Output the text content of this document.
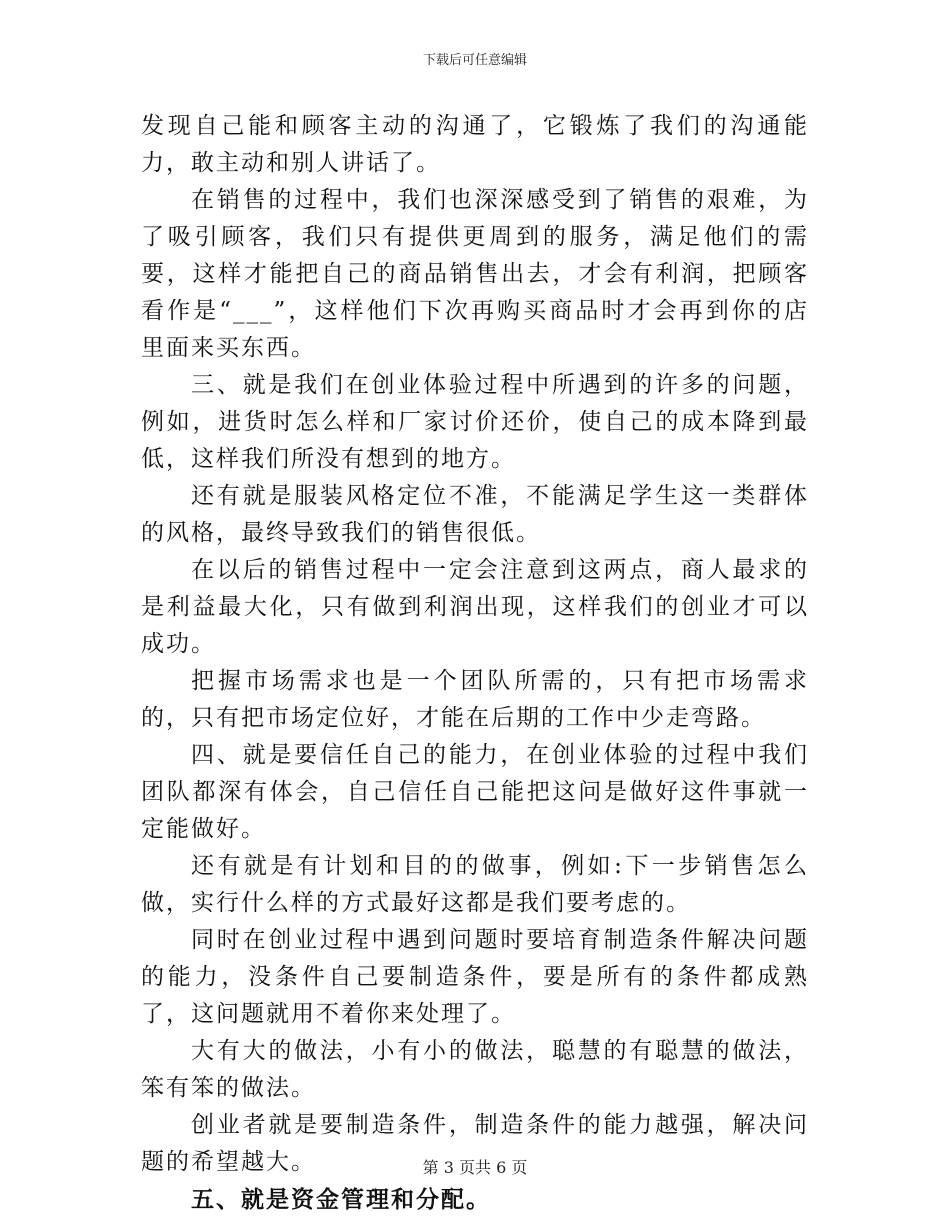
下载后可任意编辑

发现自己能和顾客主动的沟通了，它锻炼了我们的沟通能力，敢主动和别人讲话了。

在销售的过程中，我们也深深感受到了销售的艰难，为了吸引顾客，我们只有提供更周到的服务，满足他们的需要，这样才能把自己的商品销售出去，才会有利润，把顾客看作是“___”，这样他们下次再购买商品时才会再到你的店里面来买东西。

三、就是我们在创业体验过程中所遇到的许多的问题，例如，进货时怎么样和厂家讨价还价，使自己的成本降到最低，这样我们所没有想到的地方。

还有就是服装风格定位不准，不能满足学生这一类群体的风格，最终导致我们的销售很低。

在以后的销售过程中一定会注意到这两点，商人最求的是利益最大化，只有做到利润出现，这样我们的创业才可以成功。

把握市场需求也是一个团队所需的，只有把市场需求的，只有把市场定位好，才能在后期的工作中少走弯路。

四、就是要信任自己的能力，在创业体验的过程中我们团队都深有体会，自己信任自己能把这问是做好这件事就一定能做好。

还有就是有计划和目的的做事，例如:下一步销售怎么做，实行什么样的方式最好这都是我们要考虑的。

同时在创业过程中遇到问题时要培育制造条件解决问题的能力，没条件自己要制造条件，要是所有的条件都成熟了，这问题就用不着你来处理了。

大有大的做法，小有小的做法，聪慧的有聪慧的做法，笨有笨的做法。

创业者就是要制造条件，制造条件的能力越强，解决问题的希望越大。

五、就是资金管理和分配。

第 3 页共 6 页
